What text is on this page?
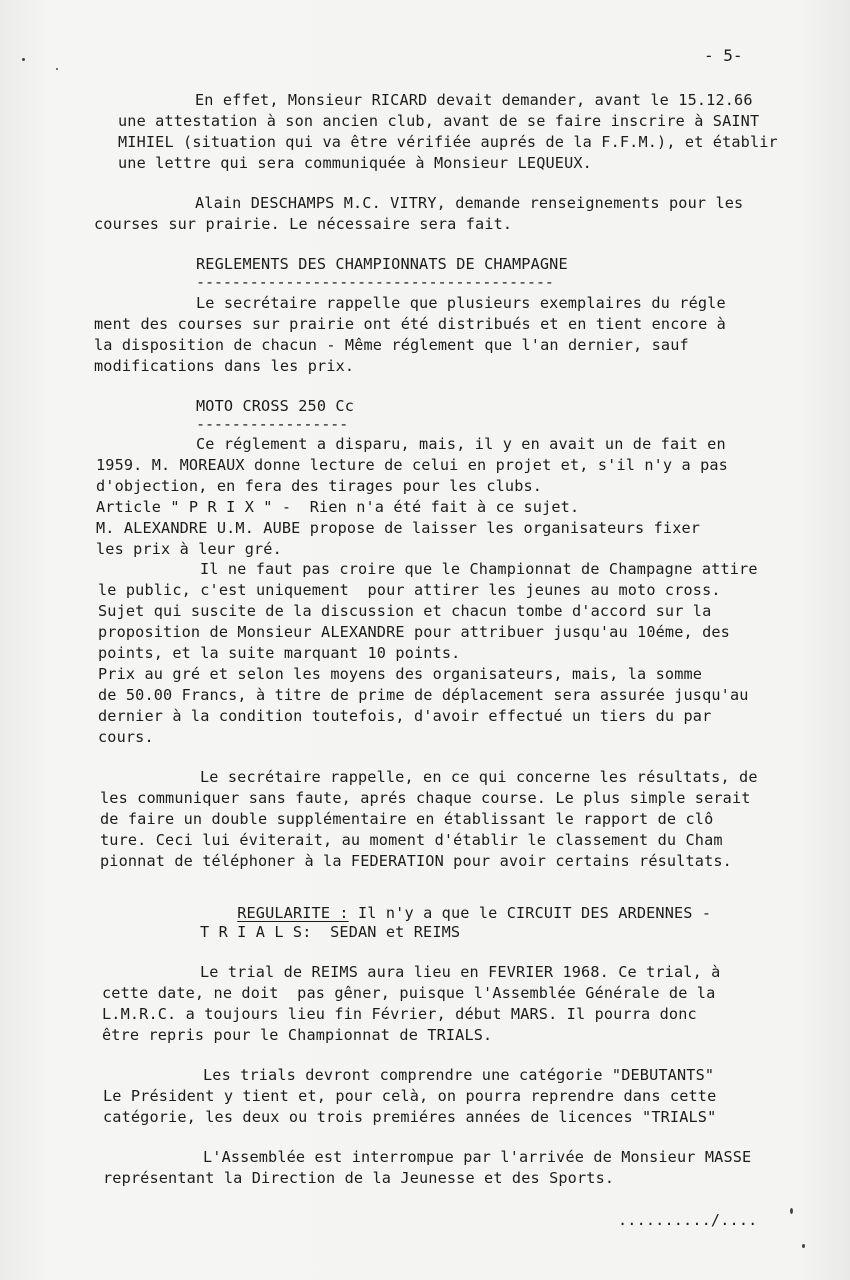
- 5-
En effet, Monsieur RICARD devait demander, avant le 15.12.66
une attestation à son ancien club, avant de se faire inscrire à SAINT
MIHIEL (situation qui va être vérifiée auprés de la F.F.M.), et établir
une lettre qui sera communiquée à Monsieur LEQUEUX.
Alain DESCHAMPS M.C. VITRY, demande renseignements pour les
courses sur prairie. Le nécessaire sera fait.
REGLEMENTS DES CHAMPIONNATS DE CHAMPAGNE
----------------------------------------
Le secrétaire rappelle que plusieurs exemplaires du régle
ment des courses sur prairie ont été distribués et en tient encore à
la disposition de chacun - Même réglement que l'an dernier, sauf
modifications dans les prix.
MOTO CROSS 250 Cc
-----------------
Ce réglement a disparu, mais, il y en avait un de fait en
1959. M. MOREAUX donne lecture de celui en projet et, s'il n'y a pas
d'objection, en fera des tirages pour les clubs.
Article " P R I X " -  Rien n'a été fait à ce sujet.
M. ALEXANDRE U.M. AUBE propose de laisser les organisateurs fixer
les prix à leur gré.
Il ne faut pas croire que le Championnat de Champagne attire
le public, c'est uniquement  pour attirer les jeunes au moto cross.
Sujet qui suscite de la discussion et chacun tombe d'accord sur la
proposition de Monsieur ALEXANDRE pour attribuer jusqu'au 10éme, des
points, et la suite marquant 10 points.
Prix au gré et selon les moyens des organisateurs, mais, la somme
de 50.00 Francs, à titre de prime de déplacement sera assurée jusqu'au
dernier à la condition toutefois, d'avoir effectué un tiers du par
cours.
Le secrétaire rappelle, en ce qui concerne les résultats, de
les communiquer sans faute, aprés chaque course. Le plus simple serait
de faire un double supplémentaire en établissant le rapport de clô
ture. Ceci lui éviterait, au moment d'établir le classement du Cham
pionnat de téléphoner à la FEDERATION pour avoir certains résultats.

REGULARITE : Il n'y a que le CIRCUIT DES ARDENNES -

T R I A L S:  SEDAN et REIMS
Le trial de REIMS aura lieu en FEVRIER 1968. Ce trial, à
cette date, ne doit  pas gêner, puisque l'Assemblée Générale de la
L.M.R.C. a toujours lieu fin Février, début MARS. Il pourra donc
être repris pour le Championnat de TRIALS.
Les trials devront comprendre une catégorie "DEBUTANTS"
Le Président y tient et, pour celà, on pourra reprendre dans cette
catégorie, les deux ou trois premiéres années de licences "TRIALS"
L'Assemblée est interrompue par l'arrivée de Monsieur MASSE
représentant la Direction de la Jeunesse et des Sports.
........../....
